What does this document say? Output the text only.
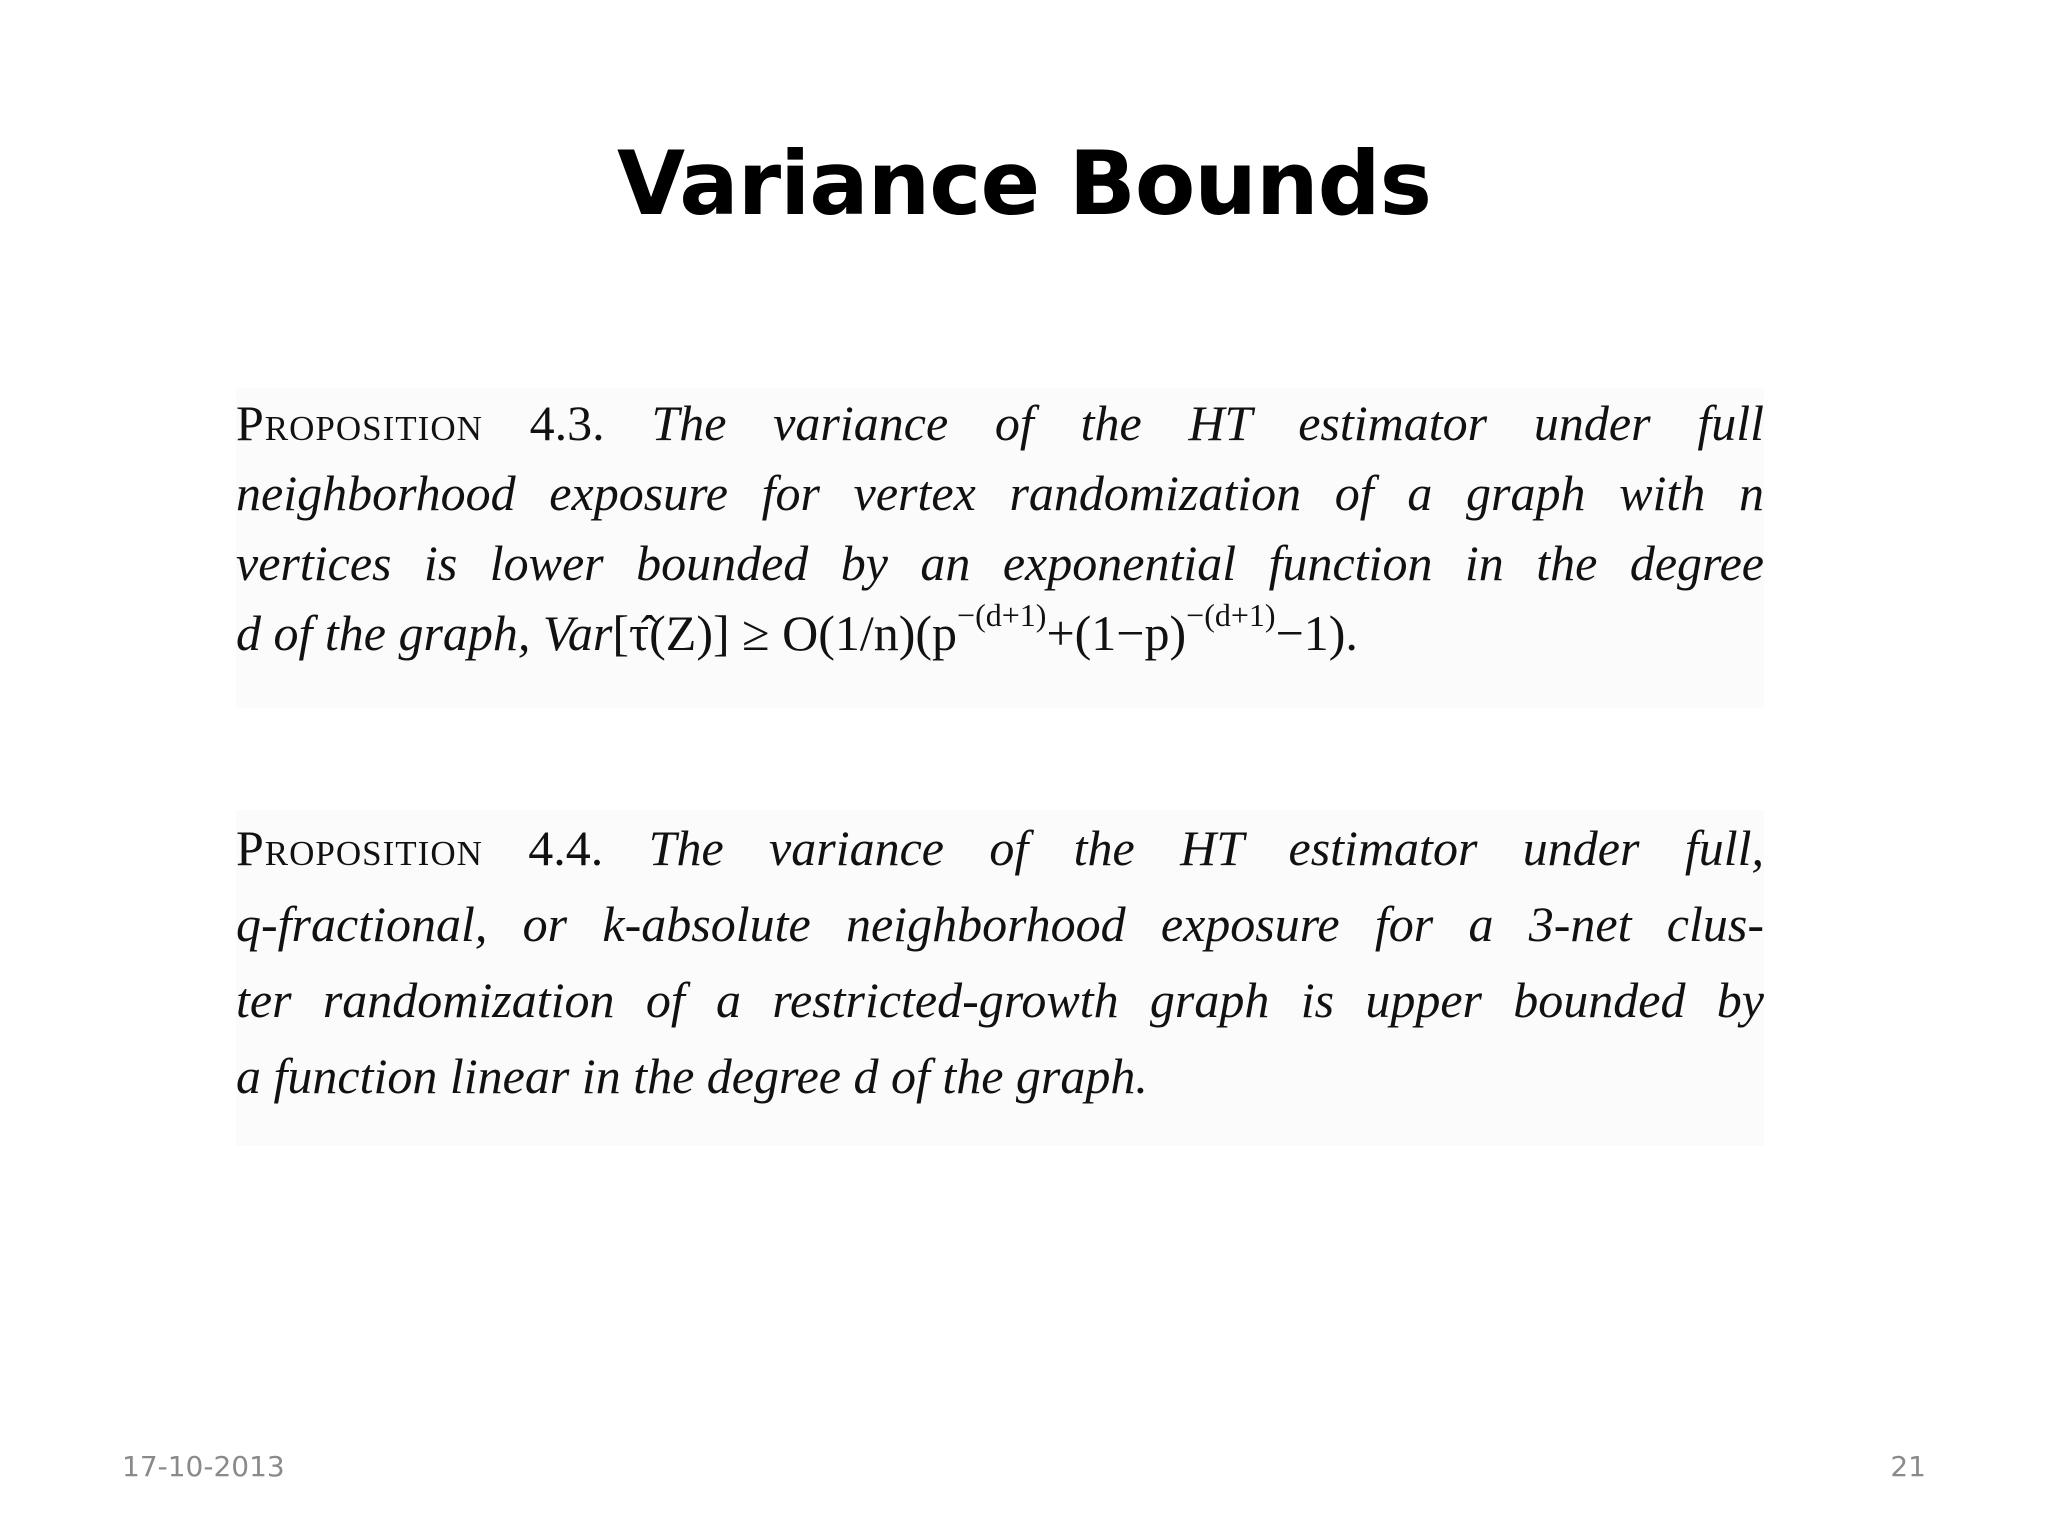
Variance Bounds
Proposition 4.3. The variance of the HT estimator under full
neighborhood exposure for vertex randomization of a graph with n
vertices is lower bounded by an exponential function in the degree
d of the graph, Var[τ̂(Z)] ≥ $O(1/n)(p^{-(d+1)}+(1-p)^{-(d+1)}-1)$.
Proposition 4.4. The variance of the HT estimator under full,
q-fractional, or k-absolute neighborhood exposure for a 3-net clus-
ter randomization of a restricted-growth graph is upper bounded by
a function linear in the degree d of the graph.
17-10-2013	21
